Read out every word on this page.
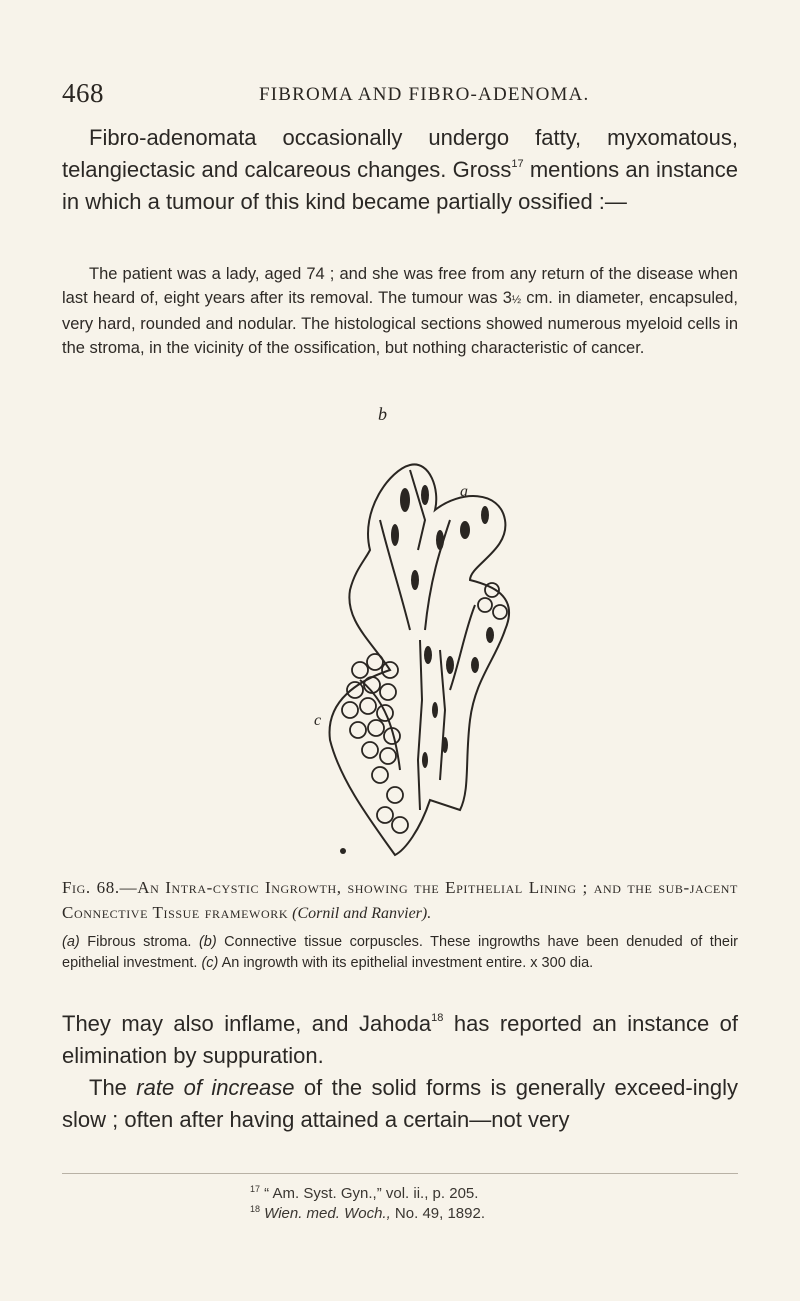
468	FIBROMA AND FIBRO-ADENOMA.

Fibro-adenomata occasionally undergo fatty, myxomatous, telangiectasic and calcareous changes. Gross$^{17}$ mentions an instance in which a tumour of this kind became partially ossified :—

The patient was a lady, aged 74 ; and she was free from any return of the disease when last heard of, eight years after its removal. The tumour was 3½ cm. in diameter, encapsuled, very hard, rounded and nodular. The histological sections showed numerous myeloid cells in the stroma, in the vicinity of the ossification, but nothing characteristic of cancer.

b
a
c

Fig. 68.—An Intra-cystic Ingrowth, showing the Epithelial Lining ; and the sub-jacent Connective Tissue framework (Cornil and Ranvier).

(a) Fibrous stroma. (b) Connective tissue corpuscles. These ingrowths have been denuded of their epithelial investment. (c) An ingrowth with its epithelial investment entire. x 300 dia.

They may also inflame, and Jahoda$^{18}$ has reported an instance of elimination by suppuration.

The rate of increase of the solid forms is generally exceed-ingly slow ; often after having attained a certain—not very

$^{17}$ “ Am. Syst. Gyn.,” vol. ii., p. 205.
$^{18}$ Wien. med. Woch., No. 49, 1892.
